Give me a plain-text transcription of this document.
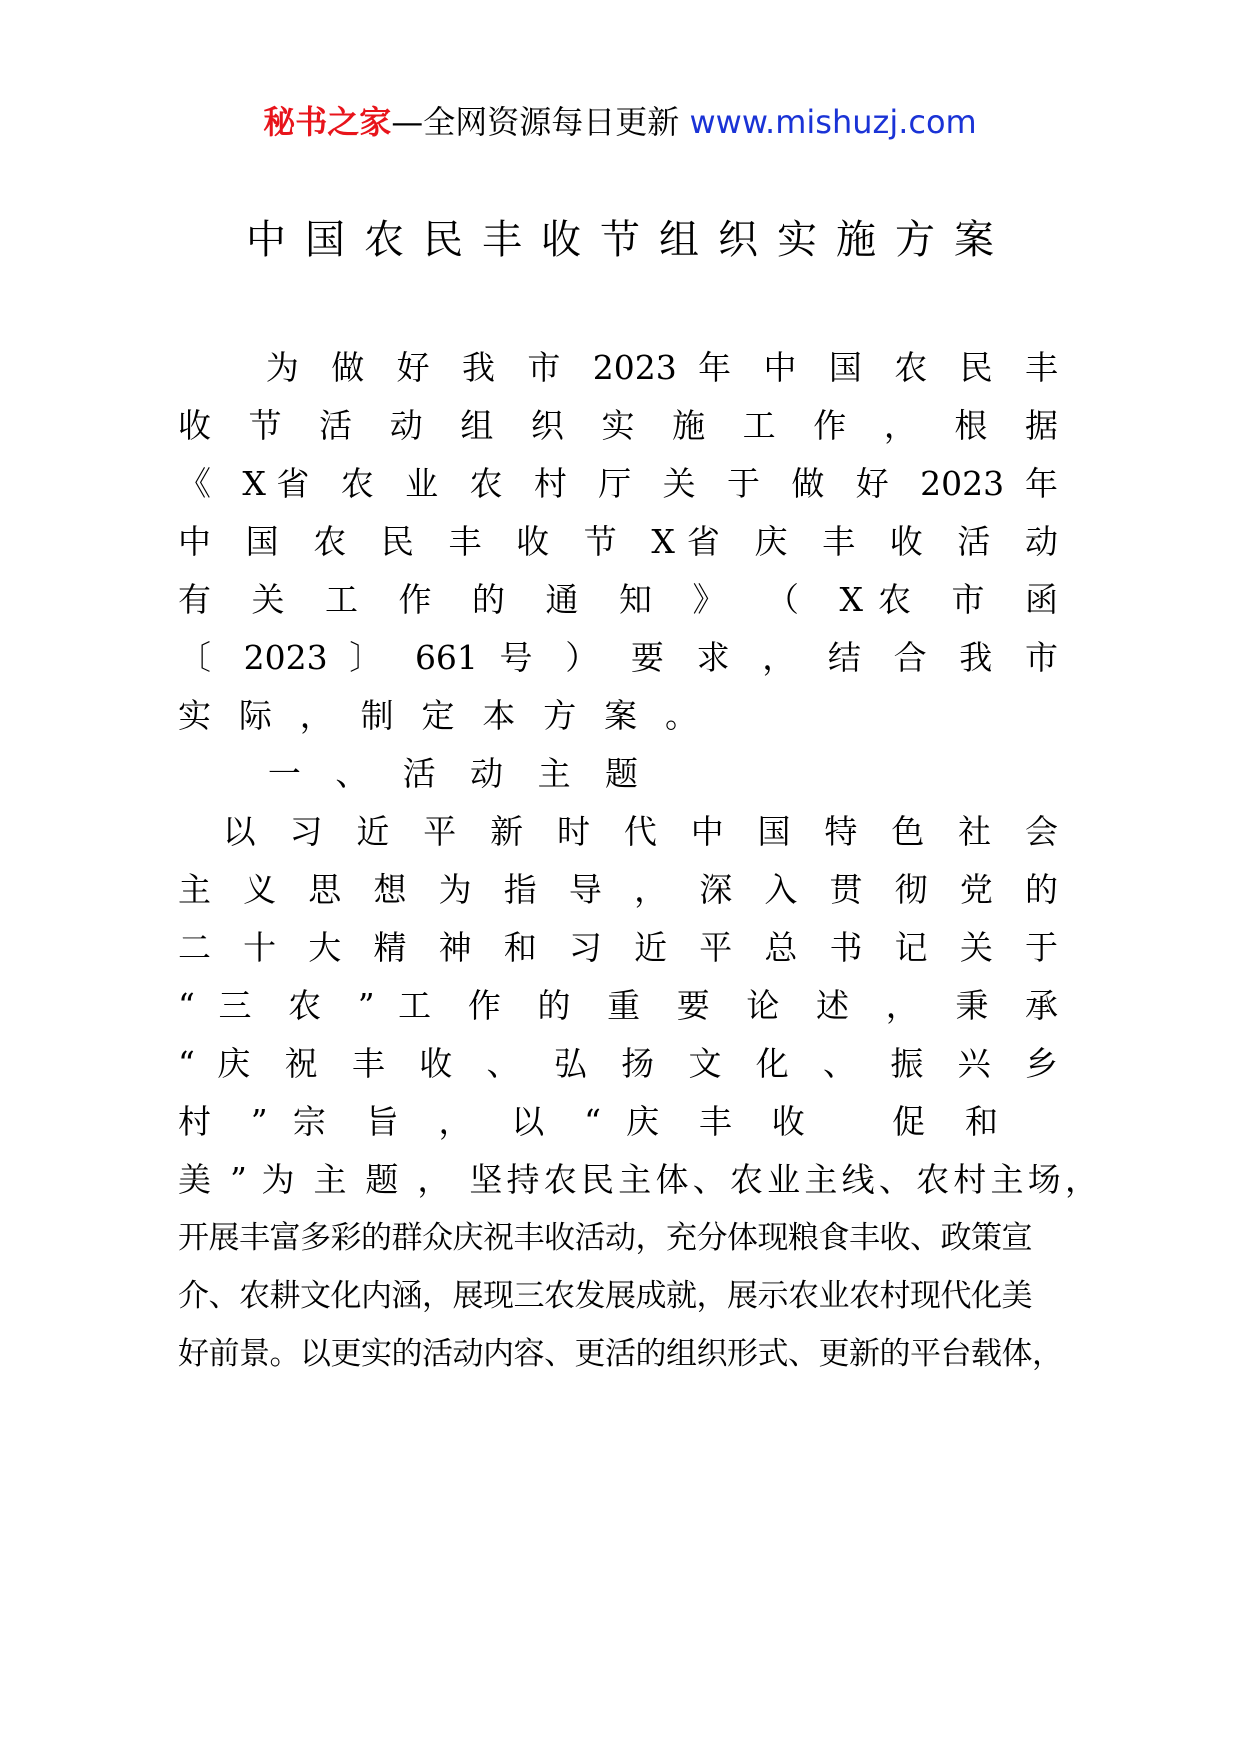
秘书之家—全网资源每日更新 www.mishuzj.com
中国农民丰收节组织实施方案
　　为 做 好 我 市 2023 年 中 国 农 民 丰
收 节 活 动 组 织 实 施 工 作 ， 根 据
《 X省 农 业 农 村 厅 关 于 做 好 2023 年
中 国 农 民 丰 收 节 X省 庆 丰 收 活 动
有 关 工 作 的 通 知 》 （ X农 市 函
〔 2023 〕 661 号 ） 要 求 ， 结 合 我 市
实 际 ， 制 定 本 方 案 。
　　一 、 活 动 主 题
　以 习 近 平 新 时 代 中 国 特 色 社 会
主 义 思 想 为 指 导 ， 深 入 贯 彻 党 的
二 十 大 精 神 和 习 近 平 总 书 记 关 于
“ 三 农 ” 工 作 的 重 要 论 述 ， 秉 承
“ 庆 祝 丰 收 、 弘 扬 文 化 、 振 兴 乡
村 ” 宗 旨 ， 以 “ 庆 丰 收 　促 和
美 ” 为 主 题 ， 坚持农民主体、农业主线、农村主场，
开展丰富多彩的群众庆祝丰收活动，充分体现粮食丰收、政策宣
介、农耕文化内涵，展现三农发展成就，展示农业农村现代化美
好前景。以更实的活动内容、更活的组织形式、更新的平台载体，
